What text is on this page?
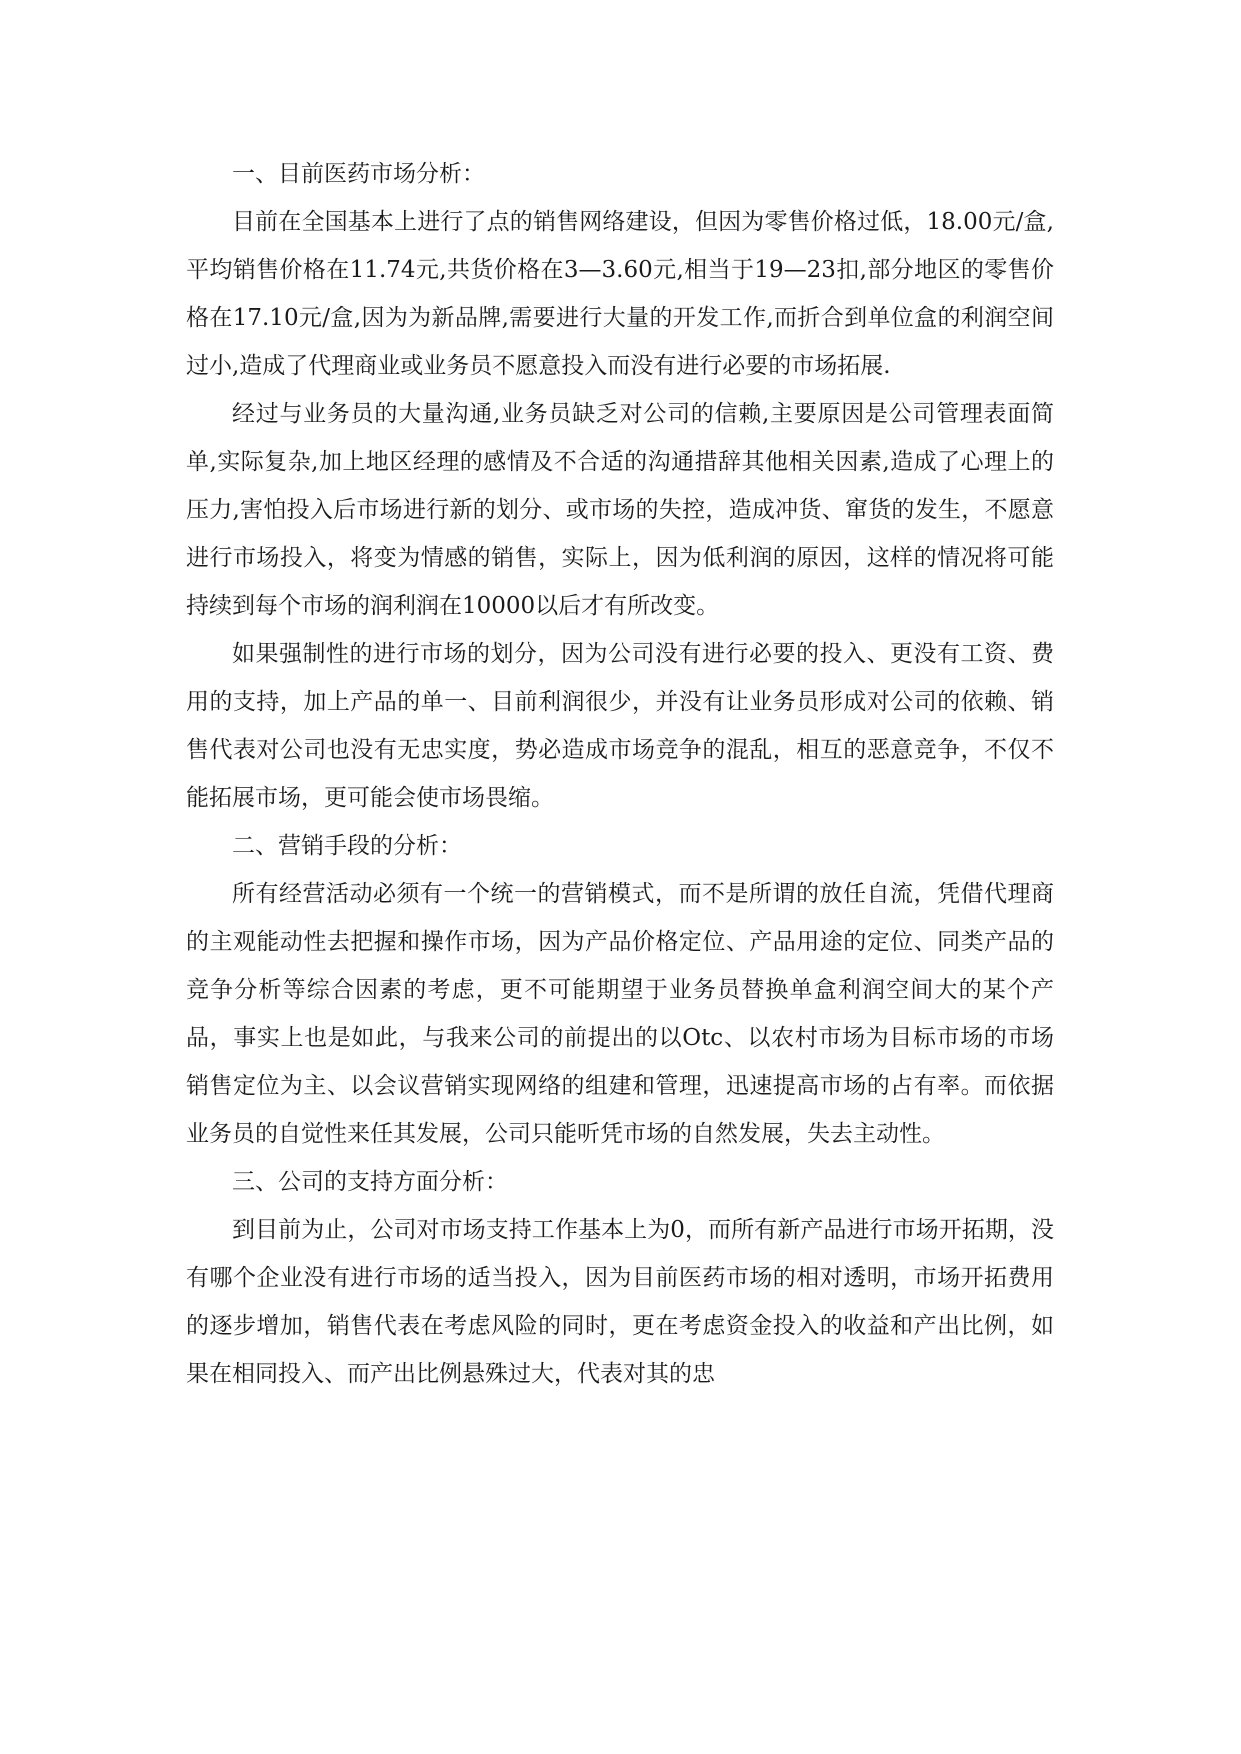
一、目前医药市场分析：

目前在全国基本上进行了点的销售网络建设，但因为零售价格过低，18.00元/盒,平均销售价格在11.74元,共货价格在3—3.60元,相当于19—23扣,部分地区的零售价格在17.10元/盒,因为为新品牌,需要进行大量的开发工作,而折合到单位盒的利润空间过小,造成了代理商业或业务员不愿意投入而没有进行必要的市场拓展.

经过与业务员的大量沟通,业务员缺乏对公司的信赖,主要原因是公司管理表面简单,实际复杂,加上地区经理的感情及不合适的沟通措辞其他相关因素,造成了心理上的压力,害怕投入后市场进行新的划分、或市场的失控，造成冲货、窜货的发生，不愿意进行市场投入，将变为情感的销售，实际上，因为低利润的原因，这样的情况将可能持续到每个市场的润利润在10000以后才有所改变。

如果强制性的进行市场的划分，因为公司没有进行必要的投入、更没有工资、费用的支持，加上产品的单一、目前利润很少，并没有让业务员形成对公司的依赖、销售代表对公司也没有无忠实度，势必造成市场竞争的混乱，相互的恶意竞争，不仅不能拓展市场，更可能会使市场畏缩。

二、营销手段的分析：

所有经营活动必须有一个统一的营销模式，而不是所谓的放任自流，凭借代理商的主观能动性去把握和操作市场，因为产品价格定位、产品用途的定位、同类产品的竞争分析等综合因素的考虑，更不可能期望于业务员替换单盒利润空间大的某个产品，事实上也是如此，与我来公司的前提出的以Otc、以农村市场为目标市场的市场销售定位为主、以会议营销实现网络的组建和管理，迅速提高市场的占有率。而依据业务员的自觉性来任其发展，公司只能听凭市场的自然发展，失去主动性。

三、公司的支持方面分析：

到目前为止，公司对市场支持工作基本上为0，而所有新产品进行市场开拓期，没有哪个企业没有进行市场的适当投入，因为目前医药市场的相对透明，市场开拓费用的逐步增加，销售代表在考虑风险的同时，更在考虑资金投入的收益和产出比例，如果在相同投入、而产出比例悬殊过大，代表对其的忠
